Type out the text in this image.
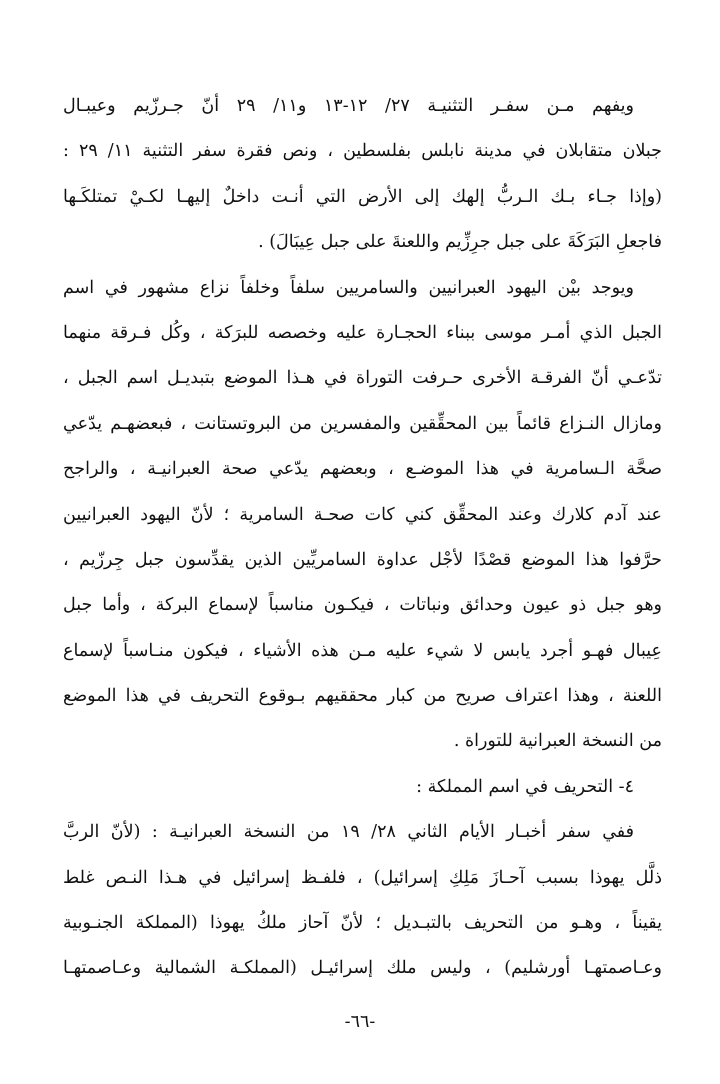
ويفهم مـن سفـر التثنيـة ٢٧/ ١٢-١٣ و١١/ ٢٩ أنّ جـرزّيم وعيبـال
جبلان متقابلان في مدينة نابلس بفلسطين ، ونص فقرة سفر التثنية ١١/ ٢٩ :
(وإذا جـاء بـك الـربُّ إلهك إلى الأرض التي أنـت داخلٌ إليهـا لكـيْ تمتلكَـها
فاجعلِ البَرَكَةَ على جبل جرِزِّيم واللعنةَ على جبل عِيبَالَ) .
ويوجد بيْن اليهود العبرانيين والسامريين سلفاً وخلفاً نزاع مشهور في اسم
الجبل الذي أمـر موسى ببناء الحجـارة عليه وخصصه للبرَكة ، وكُل فـرقة منهما
تدّعـي أنّ الفرقـة الأخرى حـرفت التوراة في هـذا الموضع بتبديـل اسم الجبل ،
ومازال النـزاع قائماً بين المحقِّقين والمفسرين من البروتستانت ، فبعضهـم يدّعي
صحَّة الـسامرية في هذا الموضـع ، وبعضهم يدّعي صحة العبرانيـة ، والراجح
عند آدم كلارك وعند المحقِّق كني كات صحـة السامرية ؛ لأنّ اليهود العبرانيين
حرَّفوا هذا الموضع قصْدًا لأجْل عداوة السامريِّين الذين يقدِّسون جبل جِرزّيم ،
وهو جبل ذو عيون وحدائق ونباتات ، فيكـون مناسباً لإسماع البركة ، وأما جبل
عِيبال فهـو أجرد يابس لا شيء عليه مـن هذه الأشياء ، فيكون منـاسباً لإسماع
اللعنة ، وهذا اعتراف صريح من كبار محققيهم بـوقوع التحريف في هذا الموضع
من النسخة العبرانية للتوراة .
٤- التحريف في اسم المملكة :
ففي سفر أخبـار الأيام الثاني ٢٨/ ١٩ من النسخة العبرانيـة : (لأنّ الربَّ
ذلَّل يهوذا بسبب آحـازَ مَلِكِ إسرائيل) ، فلفـظ إسرائيل في هـذا النـص غلط
يقيناً ، وهـو من التحريف بالتبـديل ؛ لأنّ آحاز ملكُ يهوذا (المملكة الجنـوبية
وعـاصمتهـا أورشليم) ، وليس ملك إسرائيـل (المملكـة الشمالية وعـاصمتهـا
-٦٦-
